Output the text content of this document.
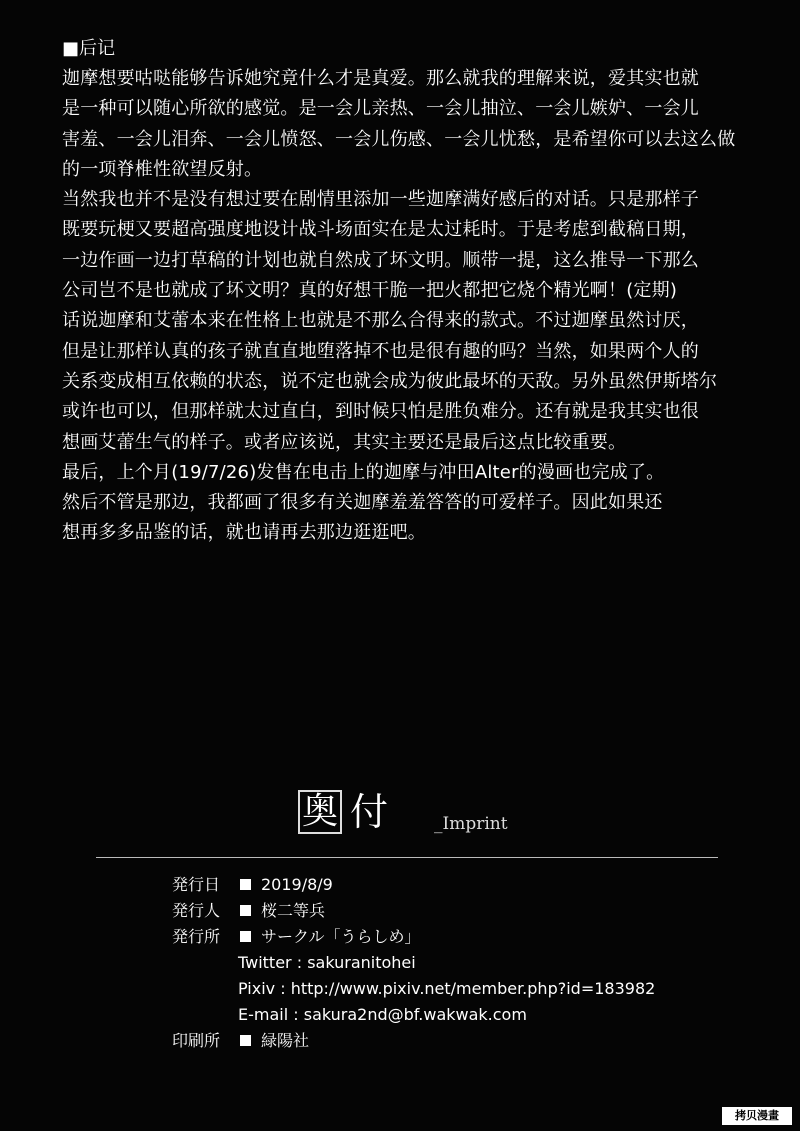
■后记
迦摩想要咕哒能够告诉她究竟什么才是真爱。那么就我的理解来说，爱其实也就
是一种可以随心所欲的感觉。是一会儿亲热、一会儿抽泣、一会儿嫉妒、一会儿
害羞、一会儿泪奔、一会儿愤怒、一会儿伤感、一会儿忧愁，是希望你可以去这么做
的一项脊椎性欲望反射。
当然我也并不是没有想过要在剧情里添加一些迦摩满好感后的对话。只是那样子
既要玩梗又要超高强度地设计战斗场面实在是太过耗时。于是考虑到截稿日期，
一边作画一边打草稿的计划也就自然成了坏文明。顺带一提，这么推导一下那么
公司岂不是也就成了坏文明？真的好想干脆一把火都把它烧个精光啊！(定期)
话说迦摩和艾蕾本来在性格上也就是不那么合得来的款式。不过迦摩虽然讨厌，
但是让那样认真的孩子就直直地堕落掉不也是很有趣的吗？当然，如果两个人的
关系变成相互依赖的状态，说不定也就会成为彼此最坏的天敌。另外虽然伊斯塔尔
或许也可以，但那样就太过直白，到时候只怕是胜负难分。还有就是我其实也很
想画艾蕾生气的样子。或者应该说，其实主要还是最后这点比较重要。
最后，上个月(19/7/26)发售在电击上的迦摩与冲田Alter的漫画也完成了。
然后不管是那边，我都画了很多有关迦摩羞羞答答的可爱样子。因此如果还
想再多多品鉴的话，就也请再去那边逛逛吧。
奥 付	_Imprint
発行日	2019/8/9
発行人	桜二等兵
発行所	サークル「うらしめ」
Twitter : sakuranitohei
Pixiv : http://www.pixiv.net/member.php?id=183982
E-mail : sakura2nd@bf.wakwak.com
印刷所	緑陽社
拷贝漫畫
